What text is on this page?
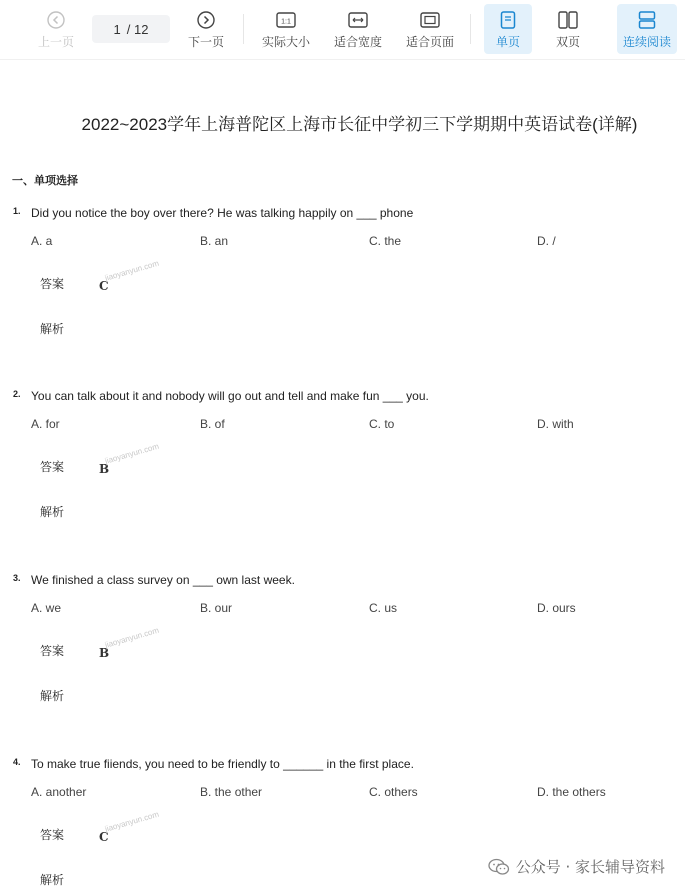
上一页
1 / 12
下一页
1:1
实际大小 适合宽度 适合页面	单页	双页	连续阅读
2022~2023学年上海普陀区上海市长征中学初三下学期期中英语试卷(详解)
一、单项选择
1. Did you notice the boy over there? He was talking happily on ___ phone
A. a	B. an	C. the	D. /
答案	C
jiaoyanyun.com
解析
2. You can talk about it and nobody will go out and tell and make fun ___ you.
A. for	B. of	C. to	D. with
答案	B
jiaoyanyun.com
解析
3. We finished a class survey on ___ own last week.
A. we	B. our	C. us	D. ours
答案	B
jiaoyanyun.com
解析
4. To make true fiiends, you need to be friendly to ______ in the first place.
A. another	B. the other	C. others	D. the others
答案	C
jiaoyanyun.com
解析
公众号 · 家长辅导资料
